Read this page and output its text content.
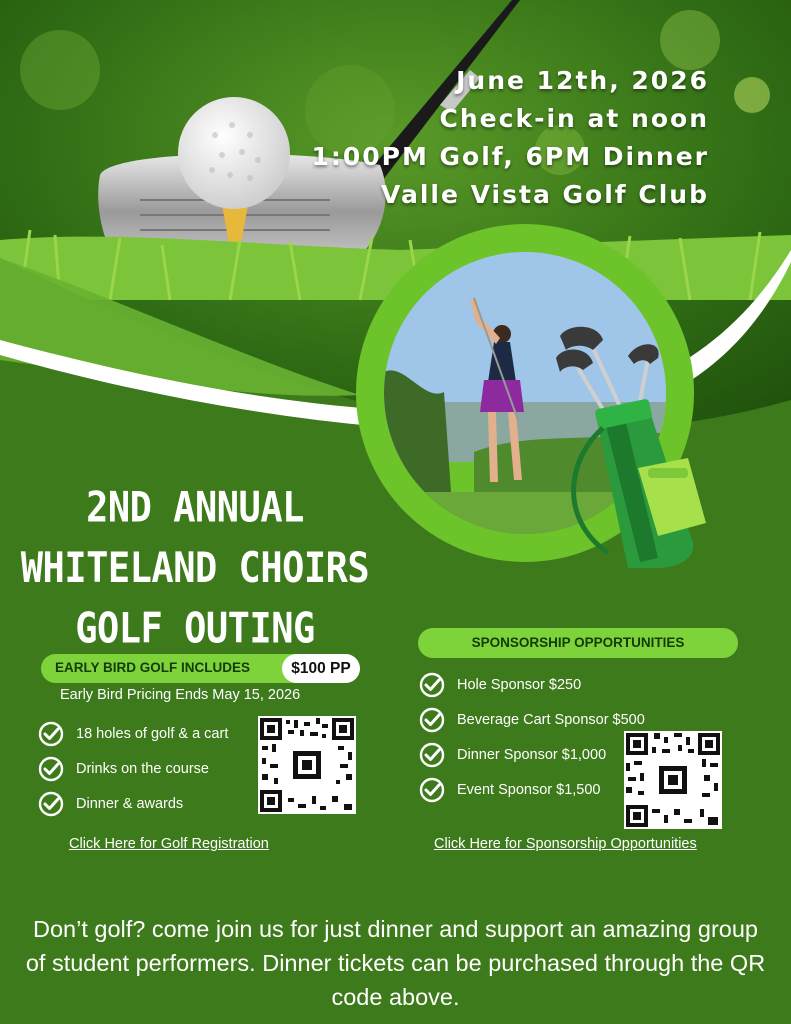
June 12th, 2026
Check-in at noon
1:00PM Golf, 6PM Dinner
Valle Vista Golf Club
2ND ANNUAL
WHITELAND CHOIRS
GOLF OUTING
EARLY BIRD GOLF INCLUDES	$100 PP
Early Bird Pricing Ends May 15, 2026
18 holes of golf & a cart
Drinks on the course
Dinner & awards
Click Here for Golf Registration
SPONSORSHIP OPPORTUNITIES
Hole Sponsor $250
Beverage Cart Sponsor $500
Dinner Sponsor $1,000
Event Sponsor $1,500
Click Here for Sponsorship Opportunities
Don’t golf? come join us for just dinner and support an amazing group of student performers. Dinner tickets can be purchased through the QR code above.
